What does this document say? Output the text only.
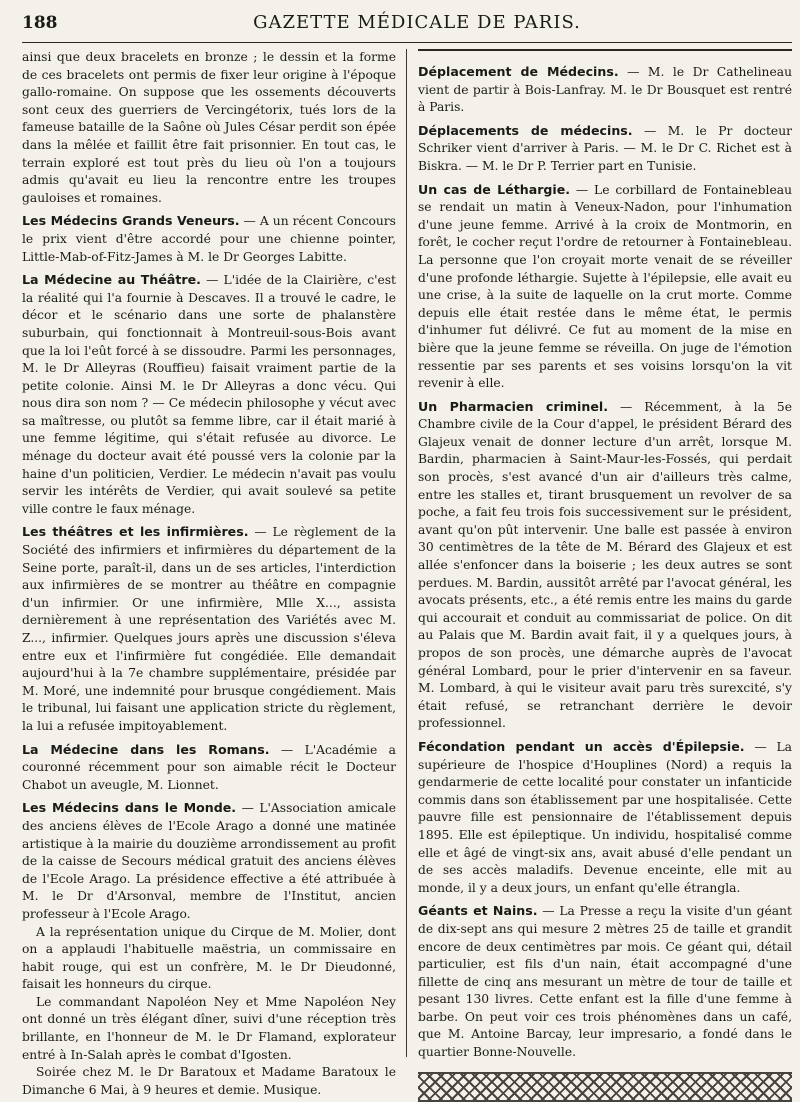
188	GAZETTE MÉDICALE DE PARIS.

ainsi que deux bracelets en bronze ; le dessin et la forme de ces bracelets ont permis de fixer leur origine à l'époque gallo-romaine. On suppose que les ossements découverts sont ceux des guerriers de Vercingétorix, tués lors de la fameuse bataille de la Saône où Jules César perdit son épée dans la mêlée et faillit être fait prisonnier. En tout cas, le terrain exploré est tout près du lieu où l'on a toujours admis qu'avait eu lieu la rencontre entre les troupes gauloises et romaines.

Les Médecins Grands Veneurs. — A un récent Concours le prix vient d'être accordé pour une chienne pointer, Little-Mab-of-Fitz-James à M. le Dr Georges Labitte.

La Médecine au Théâtre. — L'idée de la Clairière, c'est la réalité qui l'a fournie à Descaves. Il a trouvé le cadre, le décor et le scénario dans une sorte de phalanstère suburbain, qui fonctionnait à Montreuil-sous-Bois avant que la loi l'eût forcé à se dissoudre. Parmi les personnages, M. le Dr Alleyras (Rouffieu) faisait vraiment partie de la petite colonie. Ainsi M. le Dr Alleyras a donc vécu. Qui nous dira son nom ? — Ce médecin philosophe y vécut avec sa maîtresse, ou plutôt sa femme libre, car il était marié à une femme légitime, qui s'était refusée au divorce. Le ménage du docteur avait été poussé vers la colonie par la haine d'un politicien, Verdier. Le médecin n'avait pas voulu servir les intérêts de Verdier, qui avait soulevé sa petite ville contre le faux ménage.

Les théâtres et les infirmières. — Le règlement de la Société des infirmiers et infirmières du département de la Seine porte, paraît-il, dans un de ses articles, l'interdiction aux infirmières de se montrer au théâtre en compagnie d'un infirmier. Or une infirmière, Mlle X..., assista dernièrement à une représentation des Variétés avec M. Z..., infirmier. Quelques jours après une discussion s'éleva entre eux et l'infirmière fut congédiée. Elle demandait aujourd'hui à la 7e chambre supplémentaire, présidée par M. Moré, une indemnité pour brusque congédiement. Mais le tribunal, lui faisant une application stricte du règlement, la lui a refusée impitoyablement.

La Médecine dans les Romans. — L'Académie a couronné récemment pour son aimable récit le Docteur Chabot un aveugle, M. Lionnet.

Les Médecins dans le Monde. — L'Association amicale des anciens élèves de l'Ecole Arago a donné une matinée artistique à la mairie du douzième arrondissement au profit de la caisse de Secours médical gratuit des anciens élèves de l'Ecole Arago. La présidence effective a été attribuée à M. le Dr d'Arsonval, membre de l'Institut, ancien professeur à l'Ecole Arago.

A la représentation unique du Cirque de M. Molier, dont on a applaudi l'habituelle maëstria, un commissaire en habit rouge, qui est un confrère, M. le Dr Dieudonné, faisait les honneurs du cirque.

Le commandant Napoléon Ney et Mme Napoléon Ney ont donné un très élégant dîner, suivi d'une réception très brillante, en l'honneur de M. le Dr Flamand, explorateur entré à In-Salah après le combat d'Igosten.

Soirée chez M. le Dr Baratoux et Madame Baratoux le Dimanche 6 Mai, à 9 heures et demie. Musique.

Déplacement de Médecins. — M. le Dr Cathelineau vient de partir à Bois-Lanfray. M. le Dr Bousquet est rentré à Paris.

Déplacements de médecins. — M. le Pr docteur Schriker vient d'arriver à Paris. — M. le Dr C. Richet est à Biskra. — M. le Dr P. Terrier part en Tunisie.

Un cas de Léthargie. — Le corbillard de Fontainebleau se rendait un matin à Veneux-Nadon, pour l'inhumation d'une jeune femme. Arrivé à la croix de Montmorin, en forêt, le cocher reçut l'ordre de retourner à Fontainebleau. La personne que l'on croyait morte venait de se réveiller d'une profonde léthargie. Sujette à l'épilepsie, elle avait eu une crise, à la suite de laquelle on la crut morte. Comme depuis elle était restée dans le même état, le permis d'inhumer fut délivré. Ce fut au moment de la mise en bière que la jeune femme se réveilla. On juge de l'émotion ressentie par ses parents et ses voisins lorsqu'on la vit revenir à elle.

Un Pharmacien criminel. — Récemment, à la 5e Chambre civile de la Cour d'appel, le président Bérard des Glajeux venait de donner lecture d'un arrêt, lorsque M. Bardin, pharmacien à Saint-Maur-les-Fossés, qui perdait son procès, s'est avancé d'un air d'ailleurs très calme, entre les stalles et, tirant brusquement un revolver de sa poche, a fait feu trois fois successivement sur le président, avant qu'on pût intervenir. Une balle est passée à environ 30 centimètres de la tête de M. Bérard des Glajeux et est allée s'enfoncer dans la boiserie ; les deux autres se sont perdues. M. Bardin, aussitôt arrêté par l'avocat général, les avocats présents, etc., a été remis entre les mains du garde qui accourait et conduit au commissariat de police. On dit au Palais que M. Bardin avait fait, il y a quelques jours, à propos de son procès, une démarche auprès de l'avocat général Lombard, pour le prier d'intervenir en sa faveur. M. Lombard, à qui le visiteur avait paru très surexcité, s'y était refusé, se retranchant derrière le devoir professionnel.

Fécondation pendant un accès d'Épilepsie. — La supérieure de l'hospice d'Houplines (Nord) a requis la gendarmerie de cette localité pour constater un infanticide commis dans son établissement par une hospitalisée. Cette pauvre fille est pensionnaire de l'établissement depuis 1895. Elle est épileptique. Un individu, hospitalisé comme elle et âgé de vingt-six ans, avait abusé d'elle pendant un de ses accès maladifs. Devenue enceinte, elle mit au monde, il y a deux jours, un enfant qu'elle étrangla.

Géants et Nains. — La Presse a reçu la visite d'un géant de dix-sept ans qui mesure 2 mètres 25 de taille et grandit encore de deux centimètres par mois. Ce géant qui, détail particulier, est fils d'un nain, était accompagné d'une fillette de cinq ans mesurant un mètre de tour de taille et pesant 130 livres. Cette enfant est la fille d'une femme à barbe. On peut voir ces trois phénomènes dans un café, que M. Antoine Barcay, leur impresario, a fondé dans le quartier Bonne-Nouvelle.
